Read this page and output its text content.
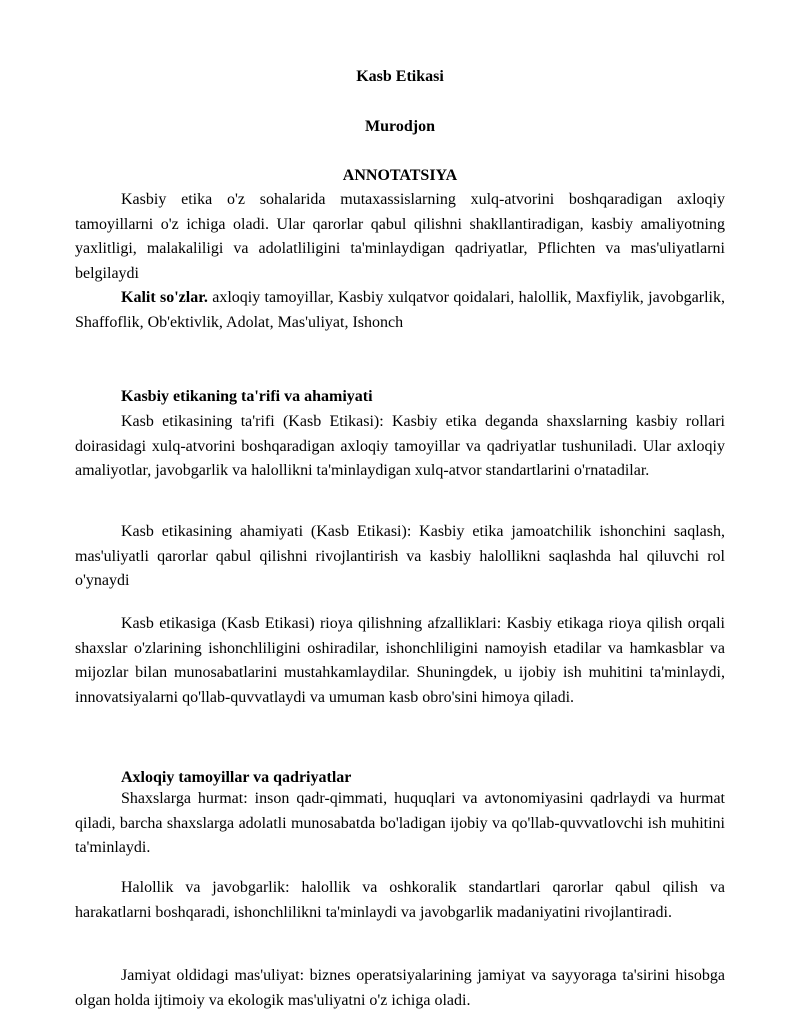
Kasb Etikasi

Murodjon

ANNOTATSIYA

Kasbiy etika o'z sohalarida mutaxassislarning xulq-atvorini boshqaradigan axloqiy tamoyillarni o'z ichiga oladi. Ular qarorlar qabul qilishni shakllantiradigan, kasbiy amaliyotning yaxlitligi, malakaliligi va adolatliligini ta'minlaydigan qadriyatlar, Pflichten va mas'uliyatlarni belgilaydi

Kalit so'zlar. axloqiy tamoyillar, Kasbiy xulqatvor qoidalari, halollik, Maxfiylik, javobgarlik, Shaffoflik, Ob'ektivlik, Adolat, Mas'uliyat, Ishonch

Kasbiy etikaning ta'rifi va ahamiyati

Kasb etikasining ta'rifi (Kasb Etikasi): Kasbiy etika deganda shaxslarning kasbiy rollari doirasidagi xulq-atvorini boshqaradigan axloqiy tamoyillar va qadriyatlar tushuniladi. Ular axloqiy amaliyotlar, javobgarlik va halollikni ta'minlaydigan xulq-atvor standartlarini o'rnatadilar.

Kasb etikasining ahamiyati (Kasb Etikasi): Kasbiy etika jamoatchilik ishonchini saqlash, mas'uliyatli qarorlar qabul qilishni rivojlantirish va kasbiy halollikni saqlashda hal qiluvchi rol o'ynaydi

Kasb etikasiga (Kasb Etikasi) rioya qilishning afzalliklari: Kasbiy etikaga rioya qilish orqali shaxslar o'zlarining ishonchliligini oshiradilar, ishonchliligini namoyish etadilar va hamkasblar va mijozlar bilan munosabatlarini mustahkamlaydilar. Shuningdek, u ijobiy ish muhitini ta'minlaydi, innovatsiyalarni qo'llab-quvvatlaydi va umuman kasb obro'sini himoya qiladi.

Axloqiy tamoyillar va qadriyatlar

Shaxslarga hurmat: inson qadr-qimmati, huquqlari va avtonomiyasini qadrlaydi va hurmat qiladi, barcha shaxslarga adolatli munosabatda bo'ladigan ijobiy va qo'llab-quvvatlovchi ish muhitini ta'minlaydi.

Halollik va javobgarlik: halollik va oshkoralik standartlari qarorlar qabul qilish va harakatlarni boshqaradi, ishonchlilikni ta'minlaydi va javobgarlik madaniyatini rivojlantiradi.

Jamiyat oldidagi mas'uliyat: biznes operatsiyalarining jamiyat va sayyoraga ta'sirini hisobga olgan holda ijtimoiy va ekologik mas'uliyatni o'z ichiga oladi.
